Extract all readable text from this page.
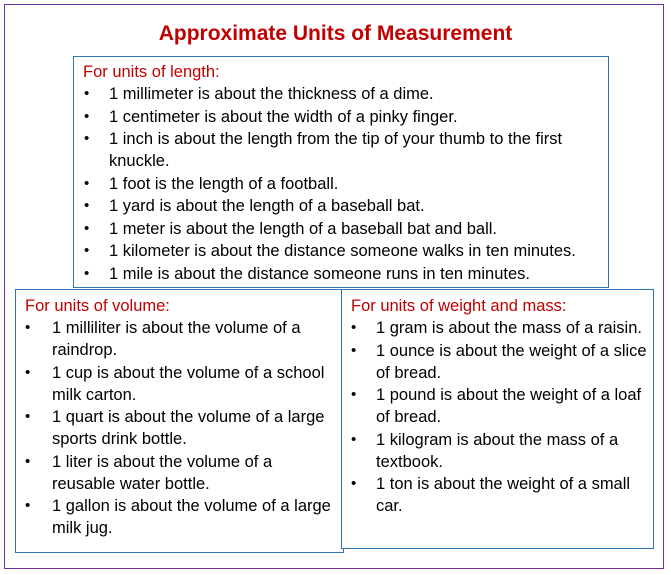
Approximate Units of Measurement

For units of length:

• 1 millimeter is about the thickness of a dime.
• 1 centimeter is about the width of a pinky finger.
• 1 inch is about the length from the tip of your thumb to the first knuckle.
• 1 foot is the length of a football.
• 1 yard is about the length of a baseball bat.
• 1 meter is about the length of a baseball bat and ball.
• 1 kilometer is about the distance someone walks in ten minutes.
• 1 mile is about the distance someone runs in ten minutes.

For units of volume:

• 1 milliliter is about the volume of a raindrop.
• 1 cup is about the volume of a school milk carton.
• 1 quart is about the volume of a large sports drink bottle.
• 1 liter is about the volume of a reusable water bottle.
• 1 gallon is about the volume of a large milk jug.

For units of weight and mass:

• 1 gram is about the mass of a raisin.
• 1 ounce is about the weight of a slice of bread.
• 1 pound is about the weight of a loaf of bread.
• 1 kilogram is about the mass of a textbook.
• 1 ton is about the weight of a small car.
